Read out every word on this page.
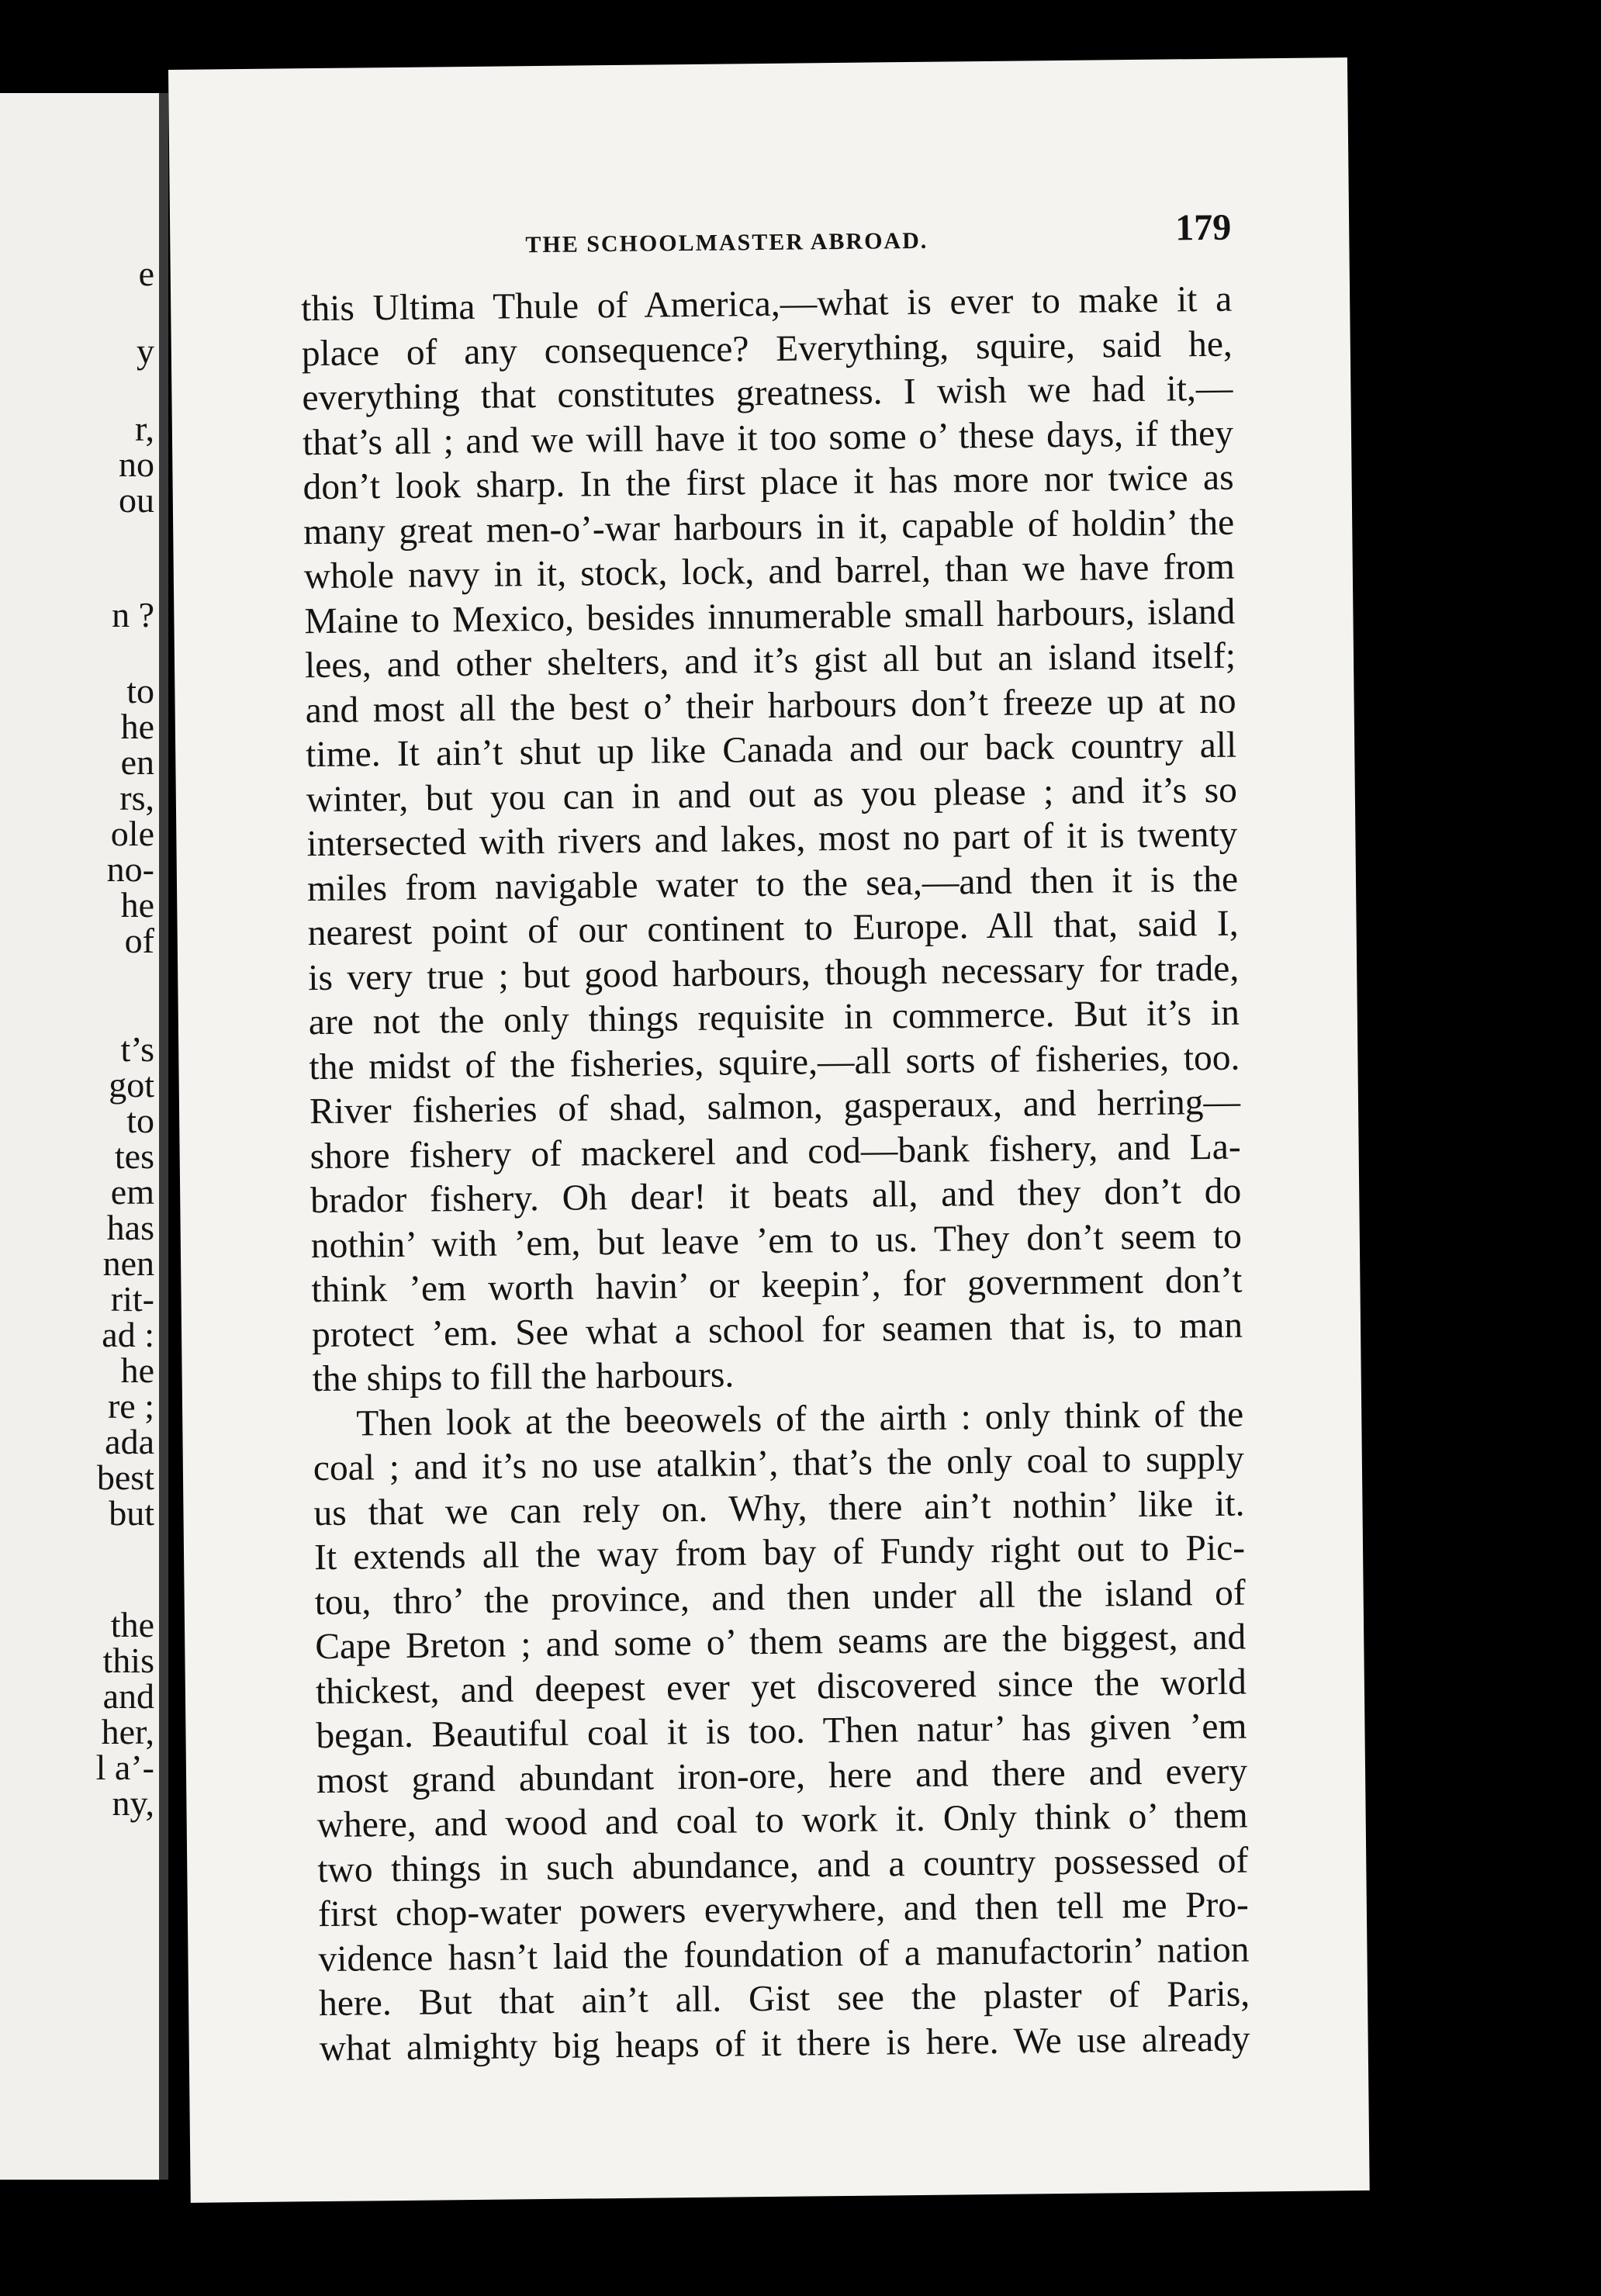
e
y
r,
no
ou
n ?
to
he
en
rs,
ole
no-
he
of
t’s
got
to
tes
em
has
nen
rit-
ad :
he
re ;
ada
best
but
the
this
and
her,
l a’-
ny,
THE SCHOOLMASTER ABROAD.	179
this Ultima Thule of America,—what is ever to make it a
place of any consequence? Everything, squire, said he,
everything that constitutes greatness. I wish we had it,—
that’s all ; and we will have it too some o’ these days, if they
don’t look sharp. In the first place it has more nor twice as
many great men-o’-war harbours in it, capable of holdin’ the
whole navy in it, stock, lock, and barrel, than we have from
Maine to Mexico, besides innumerable small harbours, island
lees, and other shelters, and it’s gist all but an island itself;
and most all the best o’ their harbours don’t freeze up at no
time. It ain’t shut up like Canada and our back country all
winter, but you can in and out as you please ; and it’s so
intersected with rivers and lakes, most no part of it is twenty
miles from navigable water to the sea,—and then it is the
nearest point of our continent to Europe. All that, said I,
is very true ; but good harbours, though necessary for trade,
are not the only things requisite in commerce. But it’s in
the midst of the fisheries, squire,—all sorts of fisheries, too.
River fisheries of shad, salmon, gasperaux, and herring—
shore fishery of mackerel and cod—bank fishery, and La-
brador fishery. Oh dear! it beats all, and they don’t do
nothin’ with ’em, but leave ’em to us. They don’t seem to
think ’em worth havin’ or keepin’, for government don’t
protect ’em. See what a school for seamen that is, to man
the ships to fill the harbours.
Then look at the beeowels of the airth : only think of the
coal ; and it’s no use atalkin’, that’s the only coal to supply
us that we can rely on. Why, there ain’t nothin’ like it.
It extends all the way from bay of Fundy right out to Pic-
tou, thro’ the province, and then under all the island of
Cape Breton ; and some o’ them seams are the biggest, and
thickest, and deepest ever yet discovered since the world
began. Beautiful coal it is too. Then natur’ has given ’em
most grand abundant iron-ore, here and there and every
where, and wood and coal to work it. Only think o’ them
two things in such abundance, and a country possessed of
first chop-water powers everywhere, and then tell me Pro-
vidence hasn’t laid the foundation of a manufactorin’ nation
here. But that ain’t all. Gist see the plaster of Paris,
what almighty big heaps of it there is here. We use already
